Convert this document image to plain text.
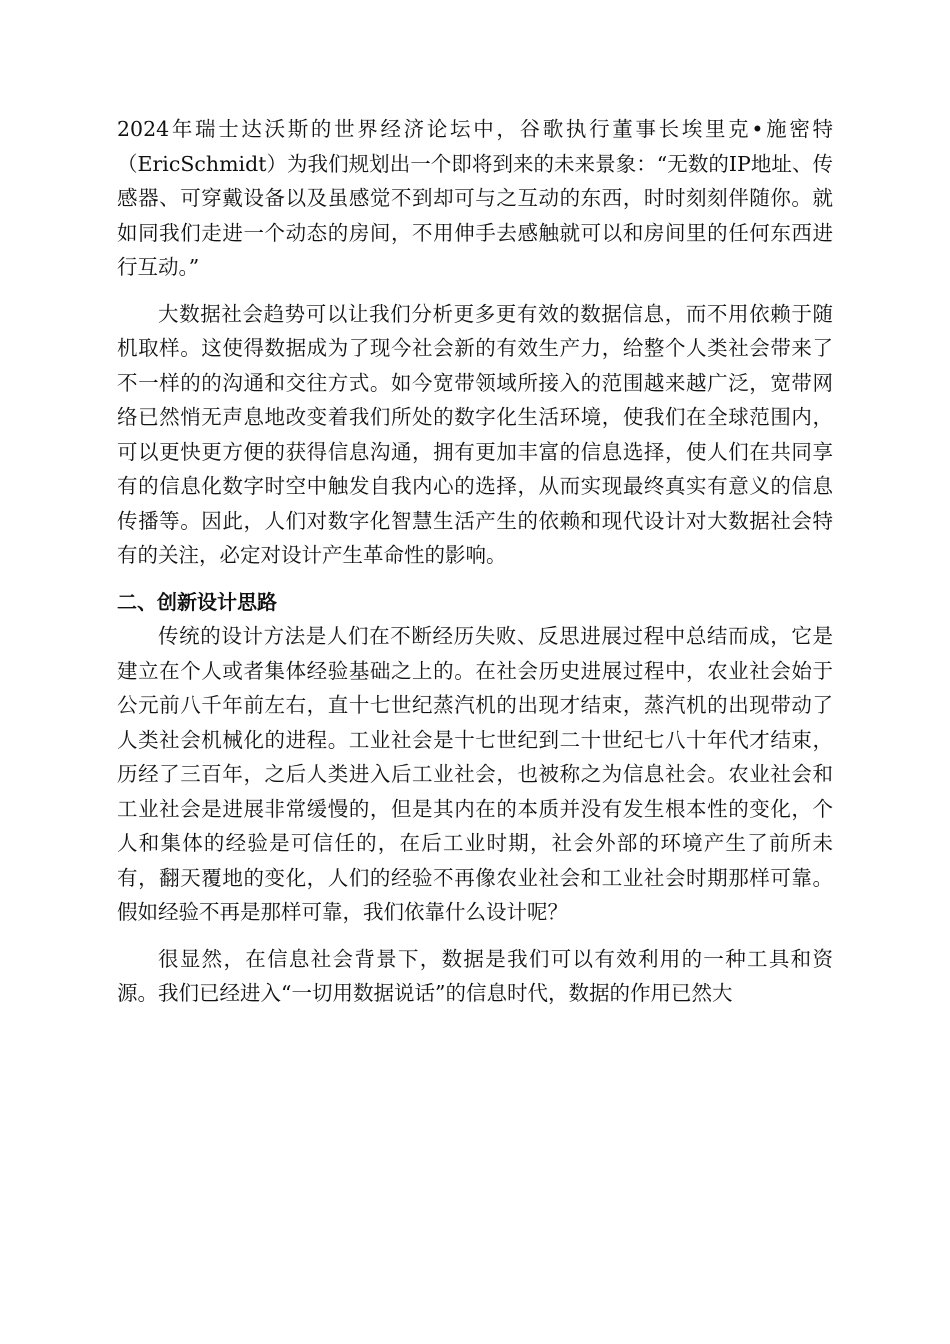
2024年瑞士达沃斯的世界经济论坛中，谷歌执行董事长埃里克•施密特（EricSchmidt）为我们规划出一个即将到来的未来景象：“无数的IP地址、传感器、可穿戴设备以及虽感觉不到却可与之互动的东西，时时刻刻伴随你。就如同我们走进一个动态的房间，不用伸手去感触就可以和房间里的任何东西进行互动。”

大数据社会趋势可以让我们分析更多更有效的数据信息，而不用依赖于随机取样。这使得数据成为了现今社会新的有效生产力，给整个人类社会带来了不一样的的沟通和交往方式。如今宽带领域所接入的范围越来越广泛，宽带网络已然悄无声息地改变着我们所处的数字化生活环境，使我们在全球范围内，可以更快更方便的获得信息沟通，拥有更加丰富的信息选择，使人们在共同享有的信息化数字时空中触发自我内心的选择，从而实现最终真实有意义的信息传播等。因此，人们对数字化智慧生活产生的依赖和现代设计对大数据社会特有的关注，必定对设计产生革命性的影响。

二、创新设计思路

传统的设计方法是人们在不断经历失败、反思进展过程中总结而成，它是建立在个人或者集体经验基础之上的。在社会历史进展过程中，农业社会始于公元前八千年前左右，直十七世纪蒸汽机的出现才结束，蒸汽机的出现带动了人类社会机械化的进程。工业社会是十七世纪到二十世纪七八十年代才结束，历经了三百年，之后人类进入后工业社会，也被称之为信息社会。农业社会和工业社会是进展非常缓慢的，但是其内在的本质并没有发生根本性的变化，个人和集体的经验是可信任的，在后工业时期，社会外部的环境产生了前所未有，翻天覆地的变化，人们的经验不再像农业社会和工业社会时期那样可靠。假如经验不再是那样可靠，我们依靠什么设计呢？

很显然，在信息社会背景下，数据是我们可以有效利用的一种工具和资源。我们已经进入“一切用数据说话”的信息时代，数据的作用已然大
